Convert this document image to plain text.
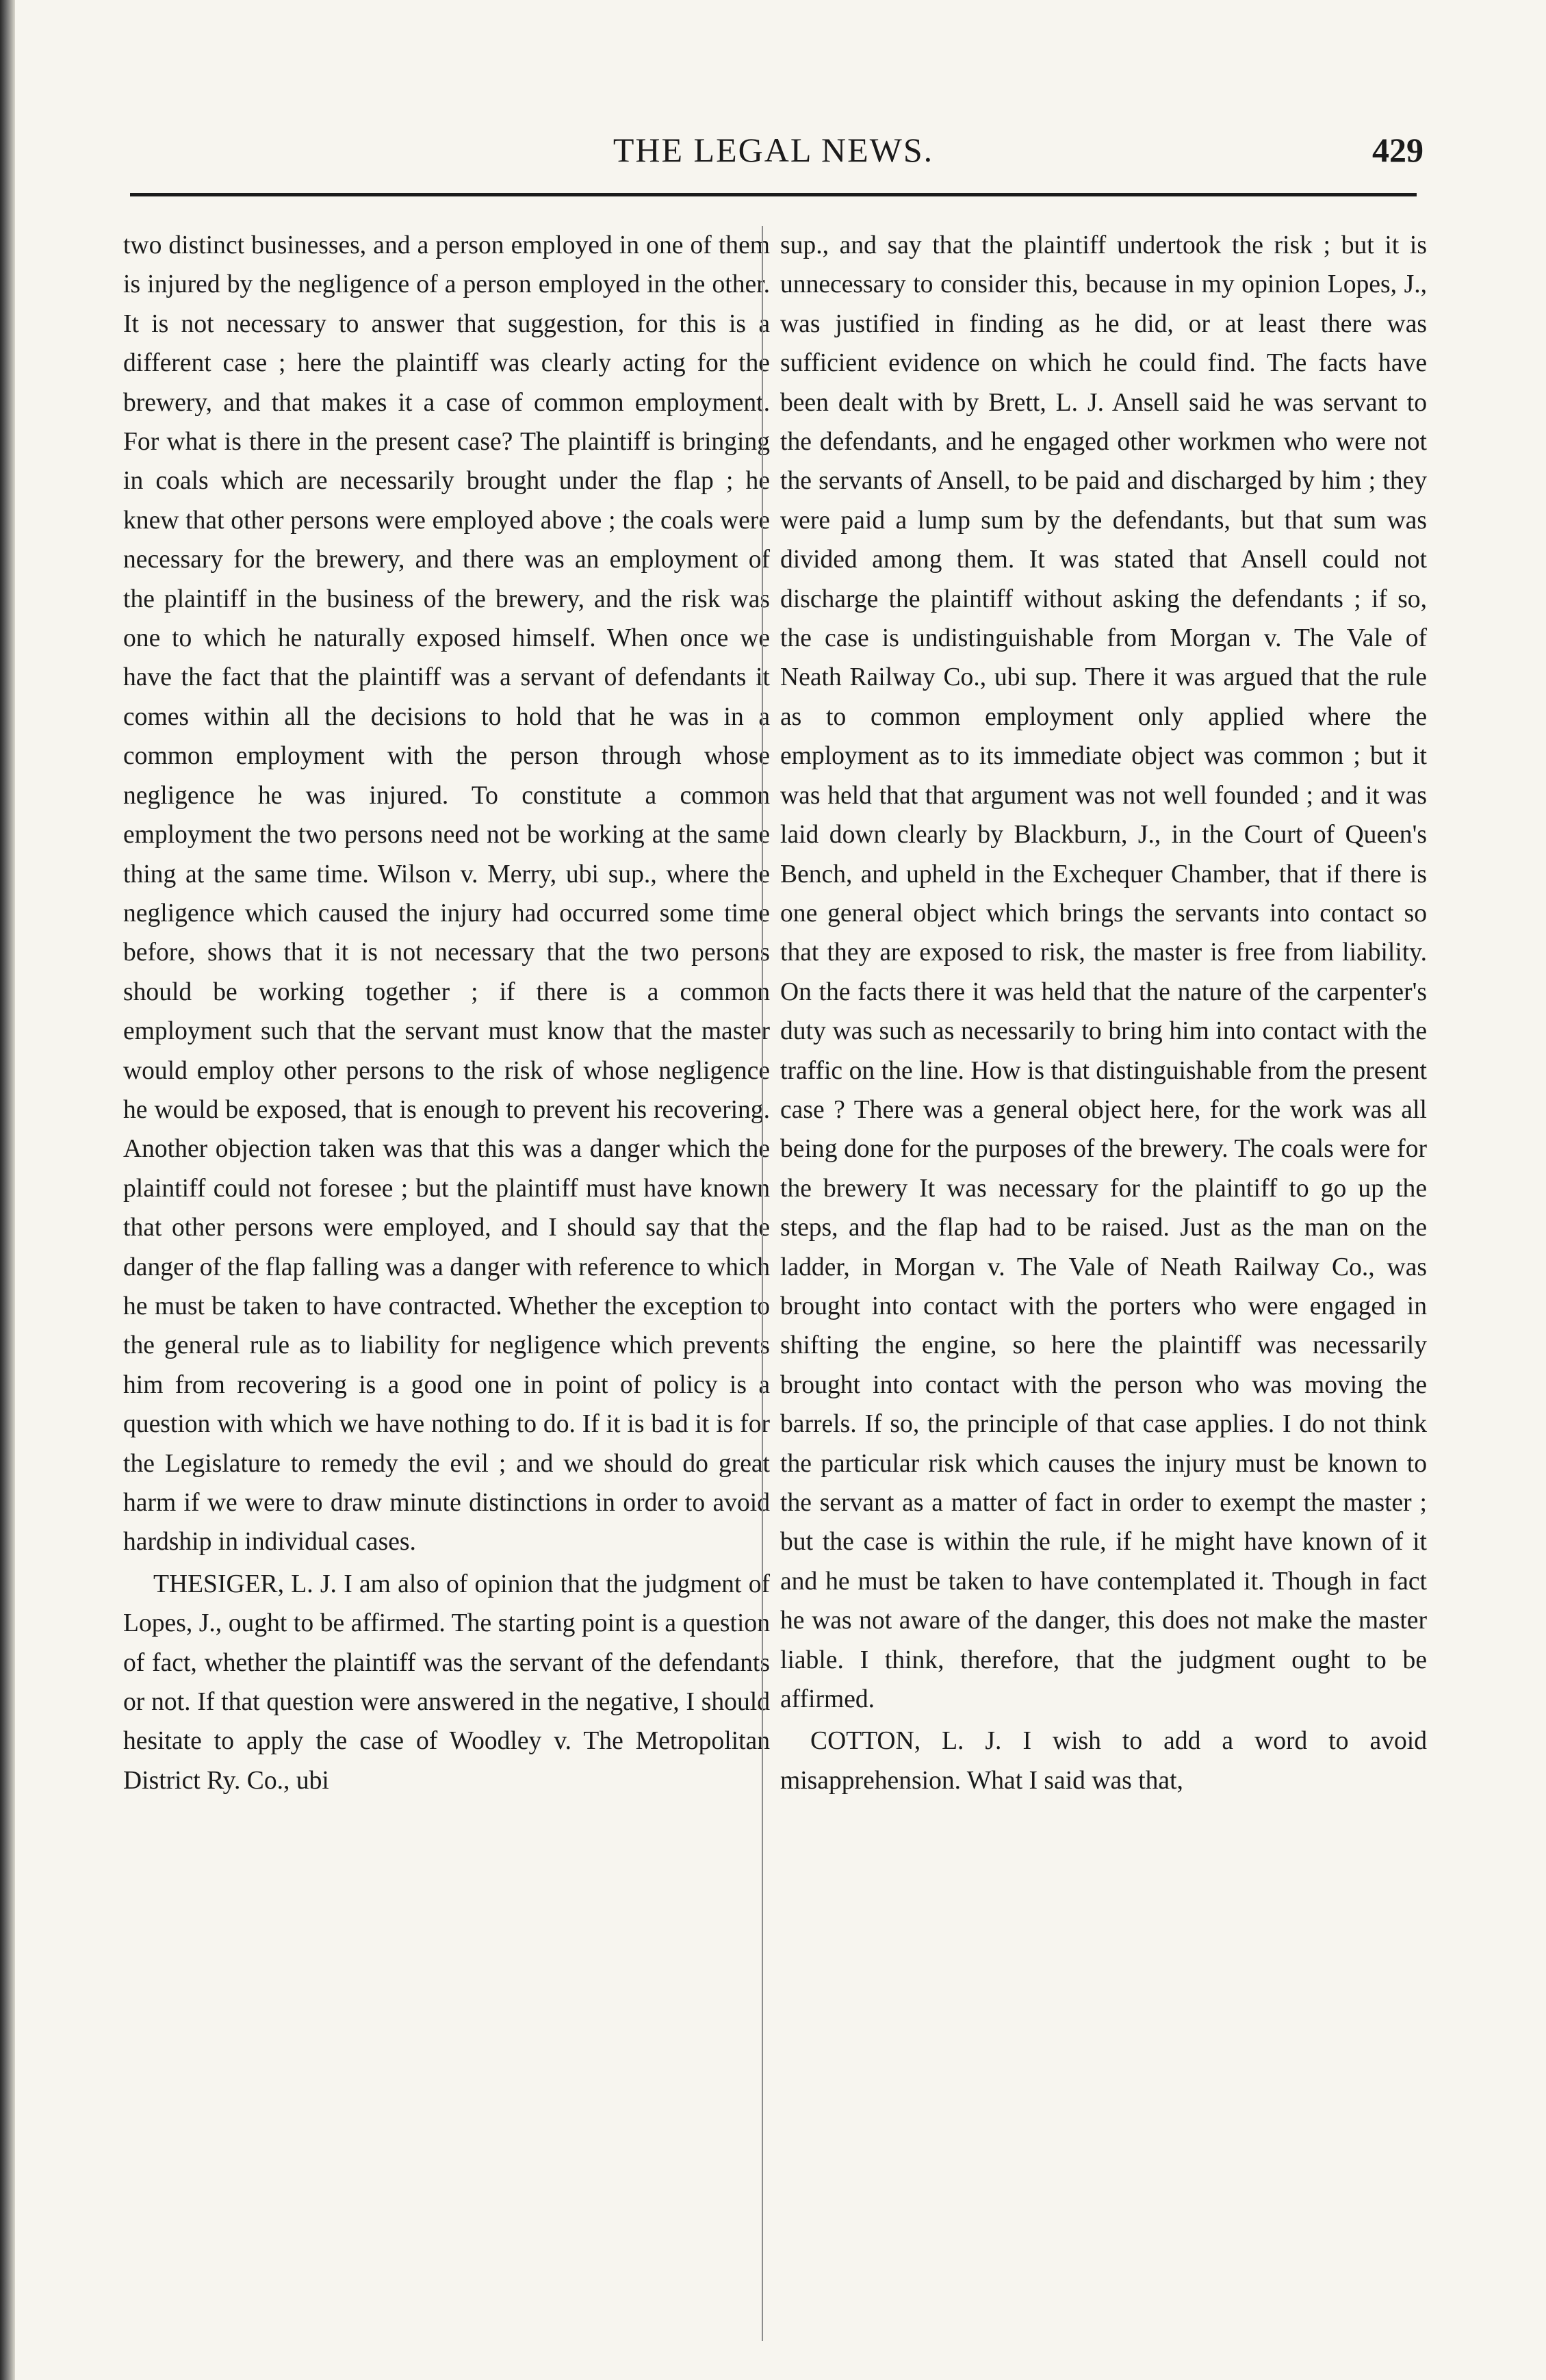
THE LEGAL NEWS.	429

two distinct businesses, and a person employed in one of them is injured by the negligence of a person employed in the other. It is not necessary to answer that suggestion, for this is a different case ; here the plaintiff was clearly acting for the brewery, and that makes it a case of common employment. For what is there in the present case? The plaintiff is bringing in coals which are necessarily brought under the flap ; he knew that other persons were employed above ; the coals were necessary for the brewery, and there was an employment of the plaintiff in the business of the brewery, and the risk was one to which he naturally exposed himself. When once we have the fact that the plaintiff was a servant of defendants it comes within all the decisions to hold that he was in a common employment with the person through whose negligence he was injured. To constitute a common employment the two persons need not be working at the same thing at the same time. Wilson v. Merry, ubi sup., where the negligence which caused the injury had occurred some time before, shows that it is not necessary that the two persons should be working together ; if there is a common employment such that the servant must know that the master would employ other persons to the risk of whose negligence he would be exposed, that is enough to prevent his recovering. Another objection taken was that this was a danger which the plaintiff could not foresee ; but the plaintiff must have known that other persons were employed, and I should say that the danger of the flap falling was a danger with reference to which he must be taken to have contracted. Whether the exception to the general rule as to liability for negligence which prevents him from recovering is a good one in point of policy is a question with which we have nothing to do. If it is bad it is for the Legislature to remedy the evil ; and we should do great harm if we were to draw minute distinctions in order to avoid hardship in individual cases.

THESIGER, L. J. I am also of opinion that the judgment of Lopes, J., ought to be affirmed. The starting point is a question of fact, whether the plaintiff was the servant of the defendants or not. If that question were answered in the negative, I should hesitate to apply the case of Woodley v. The Metropolitan District Ry. Co., ubi

sup., and say that the plaintiff undertook the risk ; but it is unnecessary to consider this, because in my opinion Lopes, J., was justified in finding as he did, or at least there was sufficient evidence on which he could find. The facts have been dealt with by Brett, L. J. Ansell said he was servant to the defendants, and he engaged other workmen who were not the servants of Ansell, to be paid and discharged by him ; they were paid a lump sum by the defendants, but that sum was divided among them. It was stated that Ansell could not discharge the plaintiff without asking the defendants ; if so, the case is undistinguishable from Morgan v. The Vale of Neath Railway Co., ubi sup. There it was argued that the rule as to common employment only applied where the employment as to its immediate object was common ; but it was held that that argument was not well founded ; and it was laid down clearly by Blackburn, J., in the Court of Queen's Bench, and upheld in the Exchequer Chamber, that if there is one general object which brings the servants into contact so that they are exposed to risk, the master is free from liability. On the facts there it was held that the nature of the carpenter's duty was such as necessarily to bring him into contact with the traffic on the line. How is that distinguishable from the present case ? There was a general object here, for the work was all being done for the purposes of the brewery. The coals were for the brewery It was necessary for the plaintiff to go up the steps, and the flap had to be raised. Just as the man on the ladder, in Morgan v. The Vale of Neath Railway Co., was brought into contact with the porters who were engaged in shifting the engine, so here the plaintiff was necessarily brought into contact with the person who was moving the barrels. If so, the principle of that case applies. I do not think the particular risk which causes the injury must be known to the servant as a matter of fact in order to exempt the master ; but the case is within the rule, if he might have known of it and he must be taken to have contemplated it. Though in fact he was not aware of the danger, this does not make the master liable. I think, therefore, that the judgment ought to be affirmed.

COTTON, L. J. I wish to add a word to avoid misapprehension. What I said was that,
